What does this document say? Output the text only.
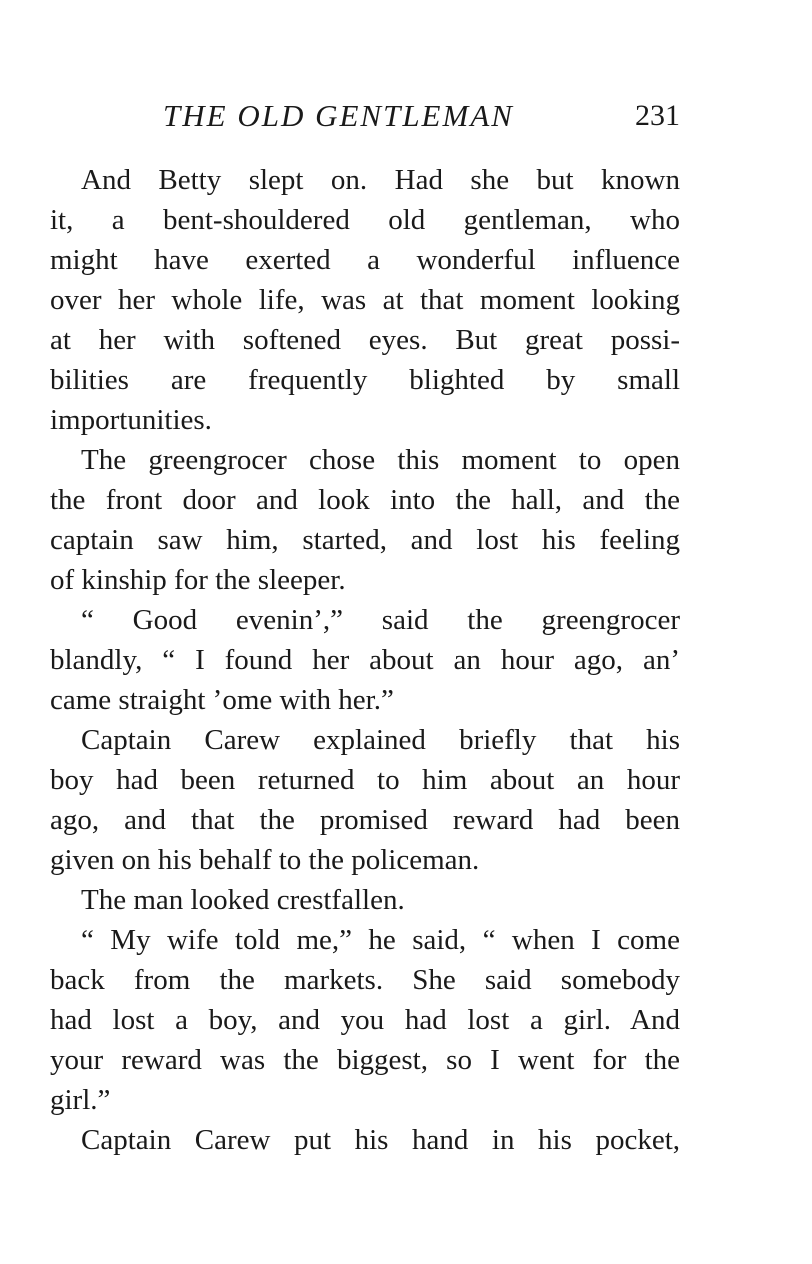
THE OLD GENTLEMAN	231
And Betty slept on. Had she but known
it, a bent-shouldered old gentleman, who
might have exerted a wonderful influence
over her whole life, was at that moment looking
at her with softened eyes. But great possi-
bilities are frequently blighted by small
importunities.
The greengrocer chose this moment to open
the front door and look into the hall, and the
captain saw him, started, and lost his feeling
of kinship for the sleeper.
“ Good evenin’,” said the greengrocer
blandly, “ I found her about an hour ago, an’
came straight ’ome with her.”
Captain Carew explained briefly that his
boy had been returned to him about an hour
ago, and that the promised reward had been
given on his behalf to the policeman.
The man looked crestfallen.
“ My wife told me,” he said, “ when I come
back from the markets. She said somebody
had lost a boy, and you had lost a girl. And
your reward was the biggest, so I went for the
girl.”
Captain Carew put his hand in his pocket,
